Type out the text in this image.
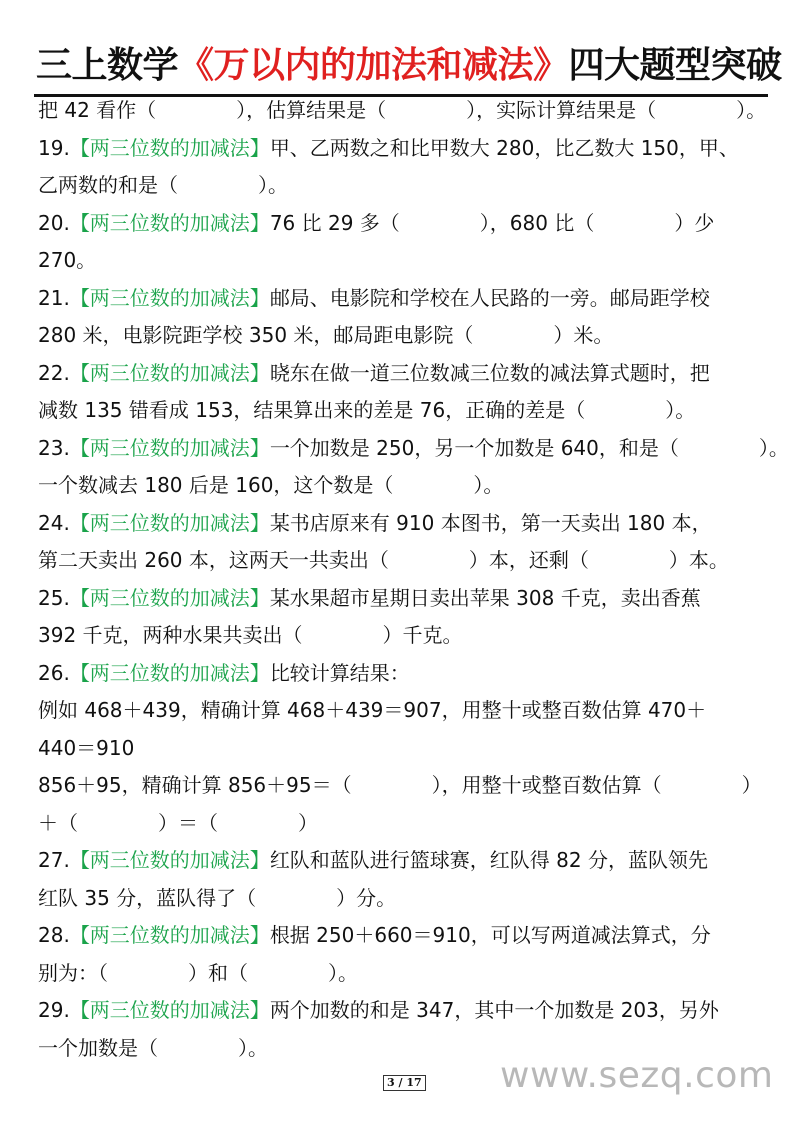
三上数学《万以内的加法和减法》四大题型突破
把 42 看作（　　　　），估算结果是（　　　　），实际计算结果是（　　　　）。
19.【两三位数的加减法】甲、乙两数之和比甲数大 280，比乙数大 150，甲、
乙两数的和是（　　　　）。
20.【两三位数的加减法】76 比 29 多（　　　　），680 比（　　　　）少
270。
21.【两三位数的加减法】邮局、电影院和学校在人民路的一旁。邮局距学校
280 米，电影院距学校 350 米，邮局距电影院（　　　　）米。
22.【两三位数的加减法】晓东在做一道三位数减三位数的减法算式题时，把
减数 135 错看成 153，结果算出来的差是 76，正确的差是（　　　　）。
23.【两三位数的加减法】一个加数是 250，另一个加数是 640，和是（　　　　）。
一个数减去 180 后是 160，这个数是（　　　　）。
24.【两三位数的加减法】某书店原来有 910 本图书，第一天卖出 180 本，
第二天卖出 260 本，这两天一共卖出（　　　　）本，还剩（　　　　）本。
25.【两三位数的加减法】某水果超市星期日卖出苹果 308 千克，卖出香蕉
392 千克，两种水果共卖出（　　　　）千克。
26.【两三位数的加减法】比较计算结果：
例如 468＋439，精确计算 468＋439＝907，用整十或整百数估算 470＋
440＝910
856＋95，精确计算 856＋95＝（　　　　），用整十或整百数估算（　　　　）
＋（　　　　）＝（　　　　）
27.【两三位数的加减法】红队和蓝队进行篮球赛，红队得 82 分，蓝队领先
红队 35 分，蓝队得了（　　　　）分。
28.【两三位数的加减法】根据 250＋660＝910，可以写两道减法算式，分
别为：（　　　　）和（　　　　）。
29.【两三位数的加减法】两个加数的和是 347，其中一个加数是 203，另外
一个加数是（　　　　）。
3 / 17 www.sezq.com
